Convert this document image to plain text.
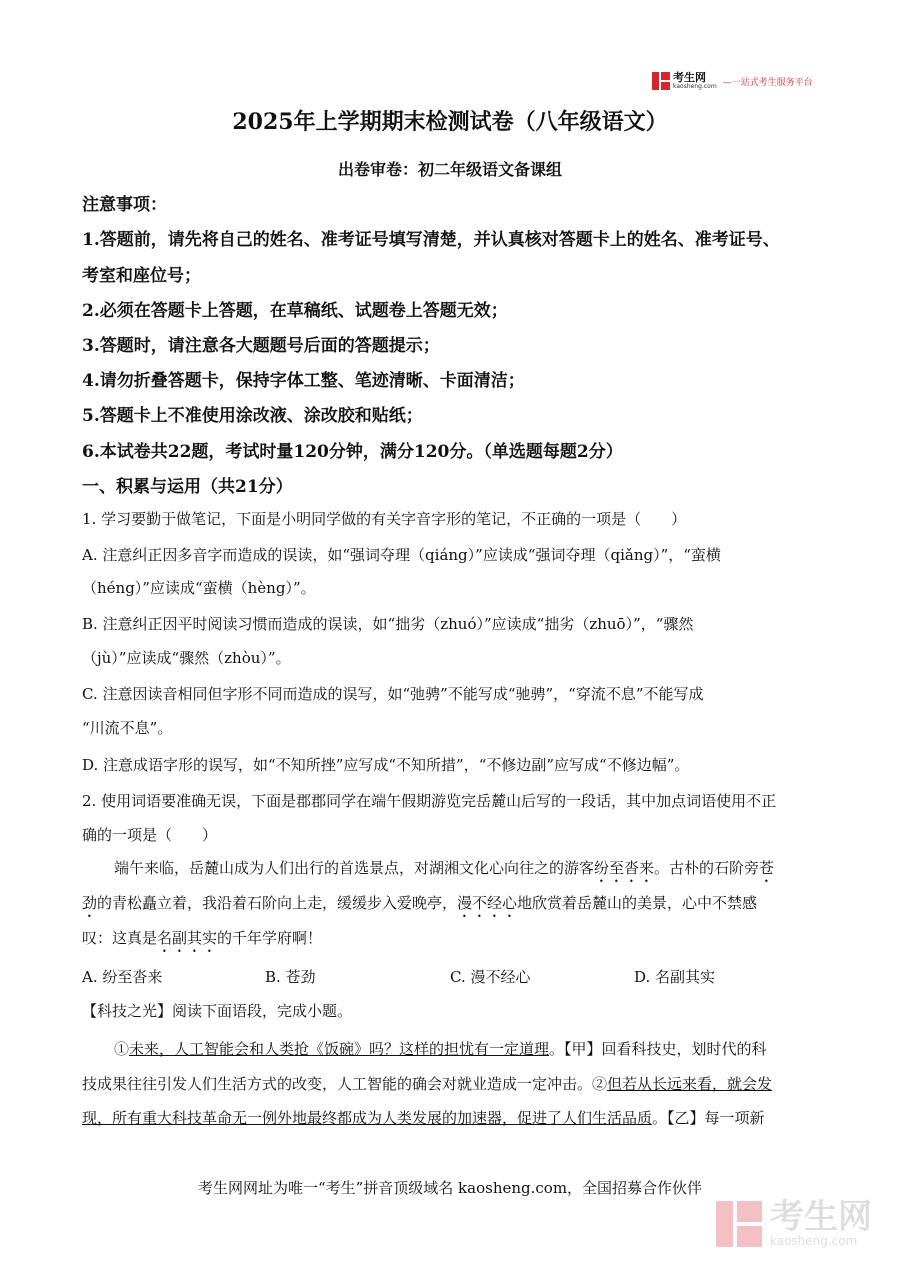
考生网
kaosheng.com —一站式考生服务平台
2025年上学期期末检测试卷（八年级语文）
出卷审卷：初二年级语文备课组
注意事项：
1.答题前，请先将自己的姓名、准考证号填写清楚，并认真核对答题卡上的姓名、准考证号、
考室和座位号；
2.必须在答题卡上答题，在草稿纸、试题卷上答题无效；
3.答题时，请注意各大题题号后面的答题提示；
4.请勿折叠答题卡，保持字体工整、笔迹清晰、卡面清洁；
5.答题卡上不准使用涂改液、涂改胶和贴纸；
6.本试卷共22题，考试时量120分钟，满分120分。（单选题每题2分）
一、积累与运用（共21分）
1. 学习要勤于做笔记，下面是小明同学做的有关字音字形的笔记，不正确的一项是（　　）
A. 注意纠正因多音字而造成的误读，如“强词夺理（qiáng）”应读成“强词夺理（qiǎng）”，“蛮横
（héng）”应读成“蛮横（hèng）”。
B. 注意纠正因平时阅读习惯而造成的误读，如“拙劣（zhuó）”应读成“拙劣（zhuō）”，“骤然
（jù）”应读成“骤然（zhòu）”。
C. 注意因读音相同但字形不同而造成的误写，如“弛骋”不能写成“驰骋”，“穿流不息”不能写成
“川流不息”。
D. 注意成语字形的误写，如“不知所挫”应写成“不知所措”，“不修边副”应写成“不修边幅”。
2. 使用词语要准确无误，下面是郡郡同学在端午假期游览完岳麓山后写的一段话，其中加点词语使用不正
确的一项是（　　）
端午来临，岳麓山成为人们出行的首选景点，对湖湘文化心向往之的游客纷至沓来。古朴的石阶旁苍
劲的青松矗立着，我沿着石阶向上走，缓缓步入爱晚亭，漫不经心地欣赏着岳麓山的美景，心中不禁感
叹：这真是名副其实的千年学府啊！
A. 纷至沓来	B. 苍劲	C. 漫不经心	D. 名副其实
【科技之光】阅读下面语段，完成小题。
①未来，人工智能会和人类抢《饭碗》吗？这样的担忧有一定道理。【甲】回看科技史，划时代的科
技成果往往引发人们生活方式的改变，人工智能的确会对就业造成一定冲击。②但若从长远来看，就会发
现，所有重大科技革命无一例外地最终都成为人类发展的加速器，促进了人们生活品质。【乙】每一项新
考生网网址为唯一“考生”拼音顶级域名 kaosheng.com，全国招募合作伙伴
考生网
kaosheng.com
